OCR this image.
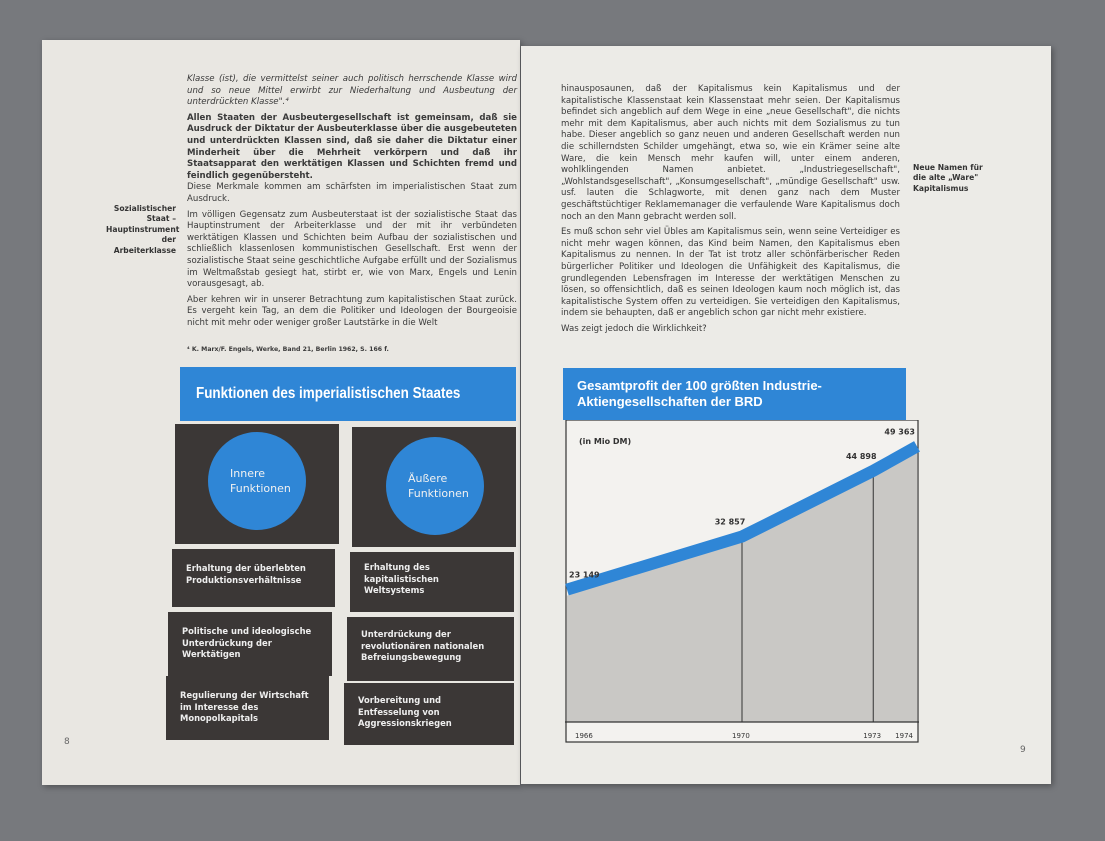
Klasse (ist), die vermittelst seiner auch politisch herrschende Klasse wird und so neue Mittel erwirbt zur Niederhaltung und Ausbeutung der unterdrückten Klasse".⁴

Allen Staaten der Ausbeutergesellschaft ist gemeinsam, daß sie Ausdruck der Diktatur der Ausbeuterklasse über die ausgebeuteten und unterdrückten Klassen sind, daß sie daher die Diktatur einer Minderheit über die Mehrheit verkörpern und daß ihr Staatsapparat den werktätigen Klassen und Schichten fremd und feindlich gegenübersteht.

Diese Merkmale kommen am schärfsten im imperialistischen Staat zum Ausdruck.

Im völligen Gegensatz zum Ausbeuterstaat ist der sozialistische Staat das Hauptinstrument der Arbeiterklasse und der mit ihr verbündeten werktätigen Klassen und Schichten beim Aufbau der sozialistischen und schließlich klassenlosen kommunistischen Gesellschaft. Erst wenn der sozialistische Staat seine geschichtliche Aufgabe erfüllt und der Sozialismus im Weltmaßstab gesiegt hat, stirbt er, wie von Marx, Engels und Lenin vorausgesagt, ab.

Aber kehren wir in unserer Betrachtung zum kapitalistischen Staat zurück. Es vergeht kein Tag, an dem die Politiker und Ideologen der Bourgeoisie nicht mit mehr oder weniger großer Lautstärke in die Welt

Sozialistischer Staat – Hauptinstrument der Arbeiterklasse
⁴ K. Marx/F. Engels, Werke, Band 21, Berlin 1962, S. 166 f.
8
Funktionen des imperialistischen Staates
Innere
Funktionen
Äußere
Funktionen
Erhaltung der überlebten Produktionsverhältnisse
Politische und ideologische Unterdrückung der Werktätigen
Regulierung der Wirtschaft im Interesse des Monopolkapitals
Erhaltung des kapitalistischen Weltsystems
Unterdrückung der revolutionären nationalen Befreiungsbewegung
Vorbereitung und Entfesselung von Aggressionskriegen

hinausposaunen, daß der Kapitalismus kein Kapitalismus und der kapitalistische Klassenstaat kein Klassenstaat mehr seien. Der Kapitalismus befindet sich angeblich auf dem Wege in eine „neue Gesellschaft", die nichts mehr mit dem Kapitalismus, aber auch nichts mit dem Sozialismus zu tun habe. Dieser angeblich so ganz neuen und anderen Gesellschaft werden nun die schillerndsten Schilder umgehängt, etwa so, wie ein Krämer seine alte Ware, die kein Mensch mehr kaufen will, unter einem anderen, wohlklingenden Namen anbietet. „Industriegesellschaft", „Wohlstandsgesellschaft", „Konsumgesellschaft", „mündige Gesellschaft" usw. usf. lauten die Schlagworte, mit denen ganz nach dem Muster geschäftstüchtiger Reklamemanager die verfaulende Ware Kapitalismus doch noch an den Mann gebracht werden soll.

Es muß schon sehr viel Übles am Kapitalismus sein, wenn seine Verteidiger es nicht mehr wagen können, das Kind beim Namen, den Kapitalismus eben Kapitalismus zu nennen. In der Tat ist trotz aller schönfärberischer Reden bürgerlicher Politiker und Ideologen die Unfähigkeit des Kapitalismus, die grundlegenden Lebensfragen im Interesse der werktätigen Menschen zu lösen, so offensichtlich, daß es seinen Ideologen kaum noch möglich ist, das kapitalistische System offen zu verteidigen. Sie verteidigen den Kapitalismus, indem sie behaupten, daß er angeblich schon gar nicht mehr existiere.

Was zeigt jedoch die Wirklichkeit?

Neue Namen für die alte „Ware" Kapitalismus
9
Gesamtprofit der 100 größten Industrie-Aktiengesellschaften der BRD
(in Mio DM)
23 149
1966
32 857
1970
44 898
1973
49 363
1974
